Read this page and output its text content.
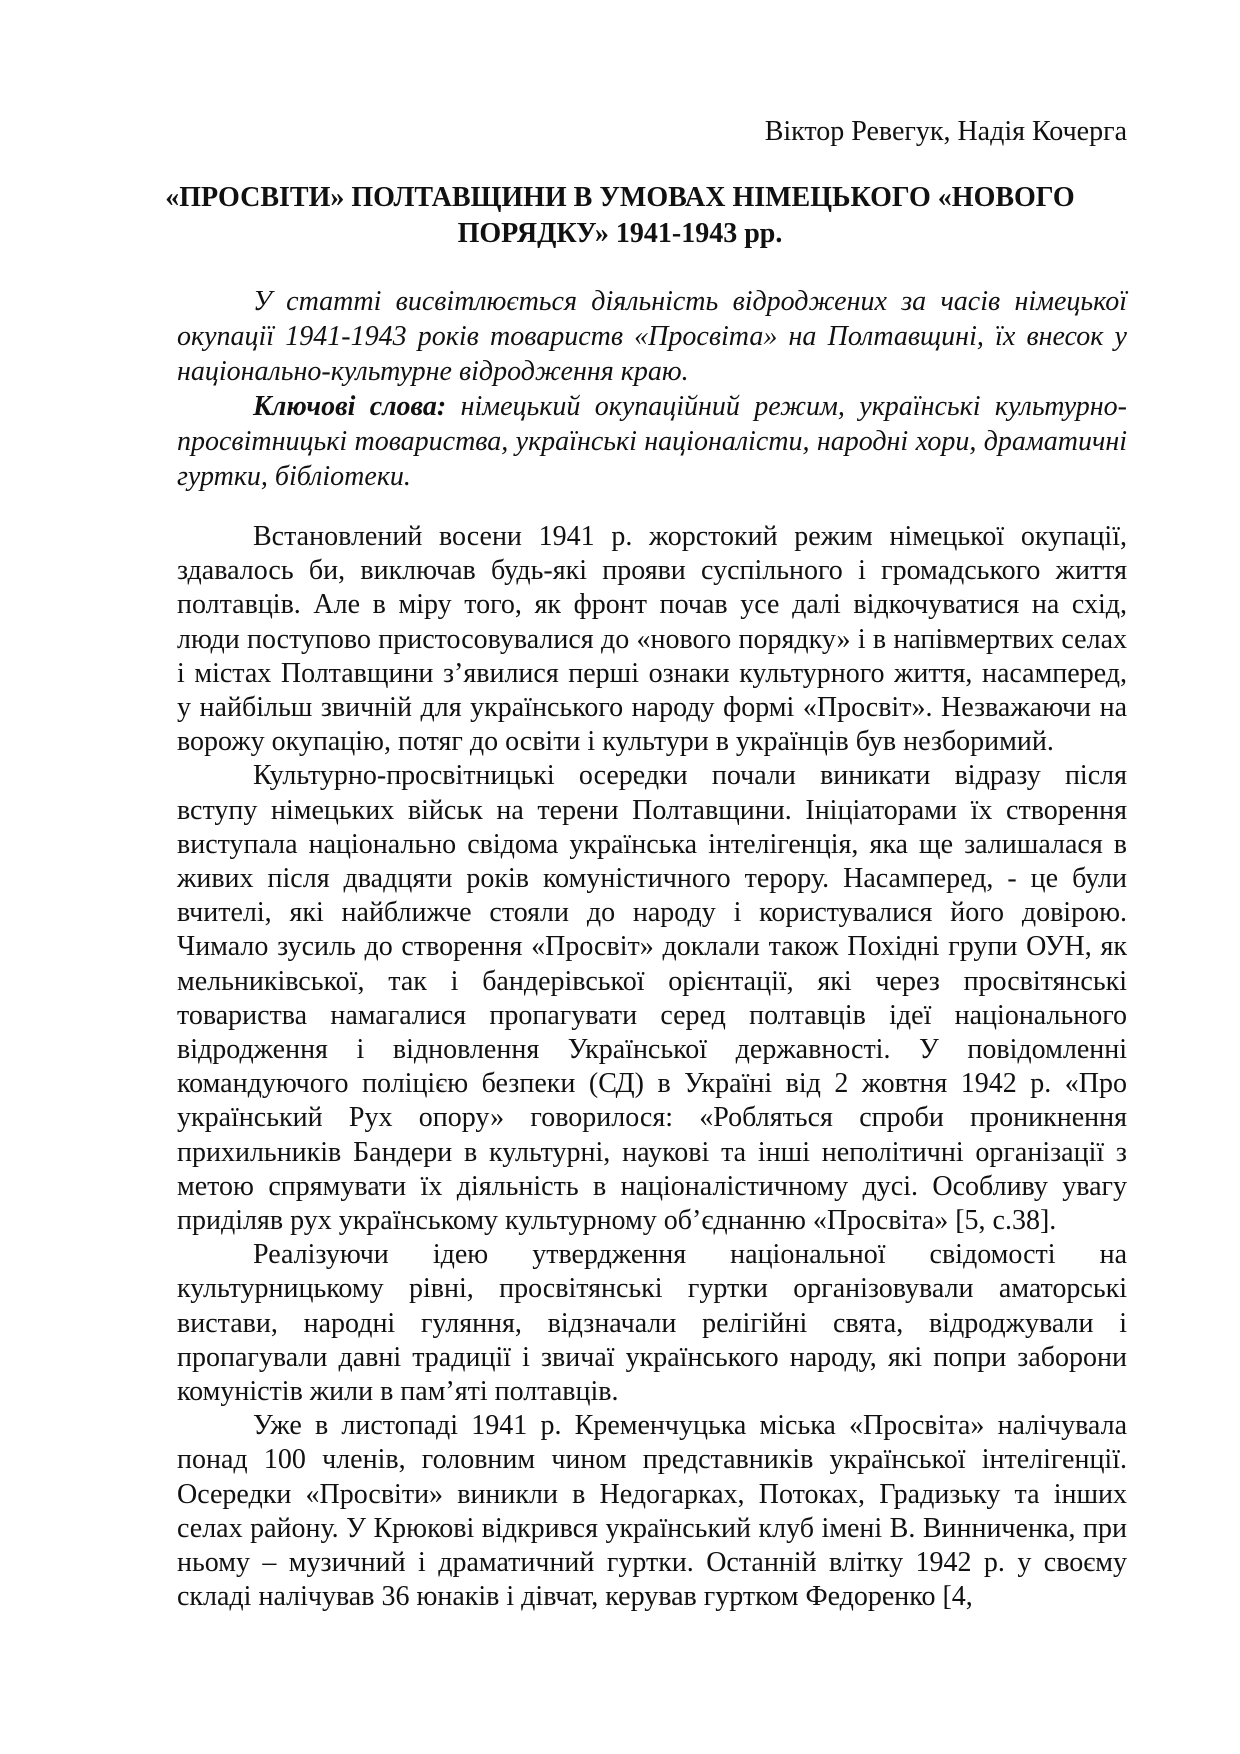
Віктор Ревегук, Надія Кочерга
«ПРОСВІТИ» ПОЛТАВЩИНИ В УМОВАХ НІМЕЦЬКОГО «НОВОГО
ПОРЯДКУ» 1941-1943 рр.

У статті висвітлюється діяльність відроджених за часів німецької окупації 1941-1943 років товариств «Просвіта» на Полтавщині, їх внесок у національно-культурне відродження краю.

Ключові слова: німецький окупаційний режим, українські культурно-просвітницькі товариства, українські націоналісти, народні хори, драматичні гуртки, бібліотеки.

Встановлений восени 1941 р. жорстокий режим німецької окупації, здавалось би, виключав будь-які прояви суспільного і громадського життя полтавців. Але в міру того, як фронт почав усе далі відкочуватися на схід, люди поступово пристосовувалися до «нового порядку» і в напівмертвих селах і містах Полтавщини з’явилися перші ознаки культурного життя, насамперед, у найбільш звичній для українського народу формі «Просвіт». Незважаючи на ворожу окупацію, потяг до освіти і культури в українців був незборимий.

Культурно-просвітницькі осередки почали виникати відразу після вступу німецьких військ на терени Полтавщини. Ініціаторами їх створення виступала національно свідома українська інтелігенція, яка ще залишалася в живих після двадцяти років комуністичного терору. Насамперед, - це були вчителі, які найближче стояли до народу і користувалися його довірою. Чимало зусиль до створення «Просвіт» доклали також Похідні групи ОУН, як мельниківської, так і бандерівської орієнтації, які через просвітянські товариства намагалися пропагувати серед полтавців ідеї національного відродження і відновлення Української державності. У повідомленні командуючого поліцією безпеки (СД) в Україні від 2 жовтня 1942 р. «Про український Рух опору» говорилося: «Робляться спроби проникнення прихильників Бандери в культурні, наукові та інші неполітичні організації з метою спрямувати їх діяльність в націоналістичному дусі. Особливу увагу приділяв рух українському культурному об’єднанню «Просвіта» [5, с.38].

Реалізуючи ідею утвердження національної свідомості на культурницькому рівні, просвітянські гуртки організовували аматорські вистави, народні гуляння, відзначали релігійні свята, відроджували і пропагували давні традиції і звичаї українського народу, які попри заборони комуністів жили в пам’яті полтавців.

Уже в листопаді 1941 р. Кременчуцька міська «Просвіта» налічувала понад 100 членів, головним чином представників української інтелігенції. Осередки «Просвіти» виникли в Недогарках, Потоках, Градизьку та інших селах району. У Крюкові відкрився український клуб імені В. Винниченка, при ньому – музичний і драматичний гуртки. Останній влітку 1942 р. у своєму складі налічував 36 юнаків і дівчат, керував гуртком Федоренко [4,
